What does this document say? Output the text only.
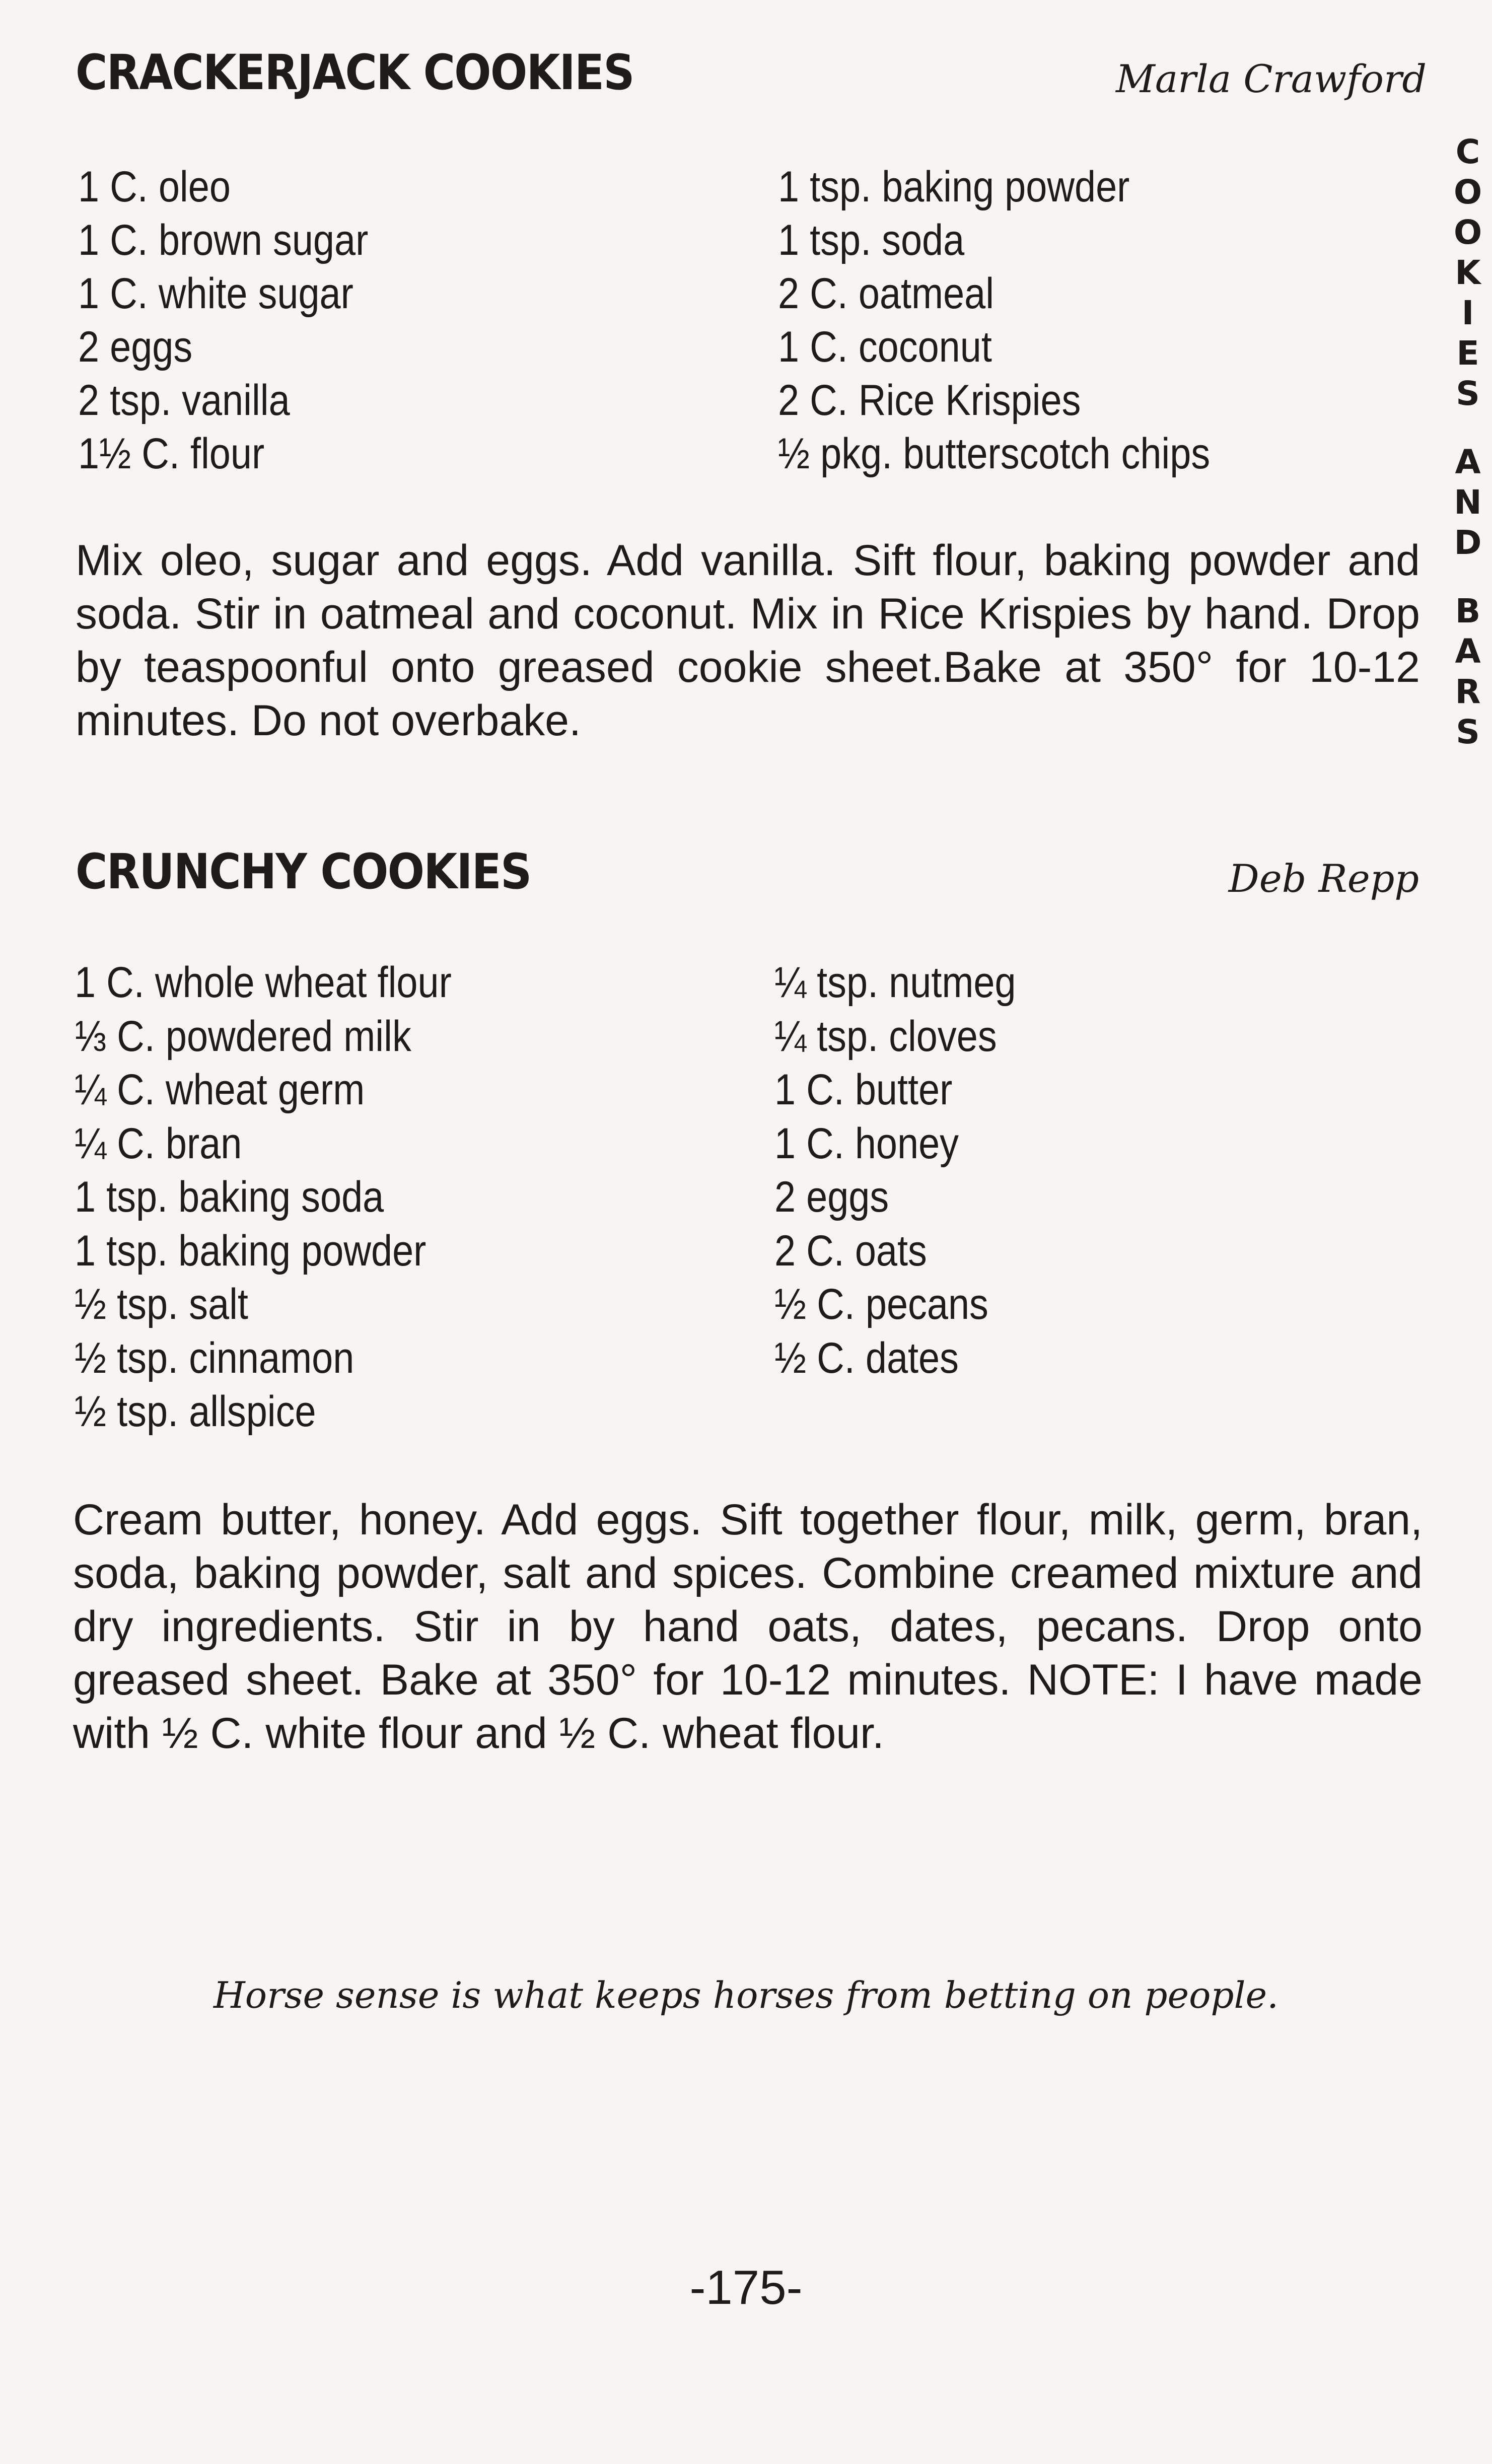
CRACKERJACK COOKIES	Marla Crawford
1 C. oleo
1 C. brown sugar
1 C. white sugar
2 eggs
2 tsp. vanilla
1½ C. flour
1 tsp. baking powder
1 tsp. soda
2 C. oatmeal
1 C. coconut
2 C. Rice Krispies
½ pkg. butterscotch chips

Mix oleo, sugar and eggs. Add vanilla. Sift flour, baking powder and soda. Stir in oatmeal and coconut. Mix in Rice Krispies by hand. Drop by teaspoonful onto greased cookie sheet.Bake at 350° for 10-12 minutes. Do not overbake.

CRUNCHY COOKIES	Deb Repp
1 C. whole wheat flour
⅓ C. powdered milk
¼ C. wheat germ
¼ C. bran
1 tsp. baking soda
1 tsp. baking powder
½ tsp. salt
½ tsp. cinnamon
½ tsp. allspice
¼ tsp. nutmeg
¼ tsp. cloves
1 C. butter
1 C. honey
2 eggs
2 C. oats
½ C. pecans
½ C. dates

Cream butter, honey. Add eggs. Sift together flour, milk, germ, bran, soda, baking powder, salt and spices. Combine creamed mixture and dry ingredients. Stir in by hand oats, dates, pecans. Drop onto greased sheet. Bake at 350° for 10-12 minutes. NOTE: I have made with ½ C. white flour and ½ C. wheat flour.

Horse sense is what keeps horses from betting on people.
-175-
C
O
O
K
I
E
S
A
N
D
B
A
R
S
